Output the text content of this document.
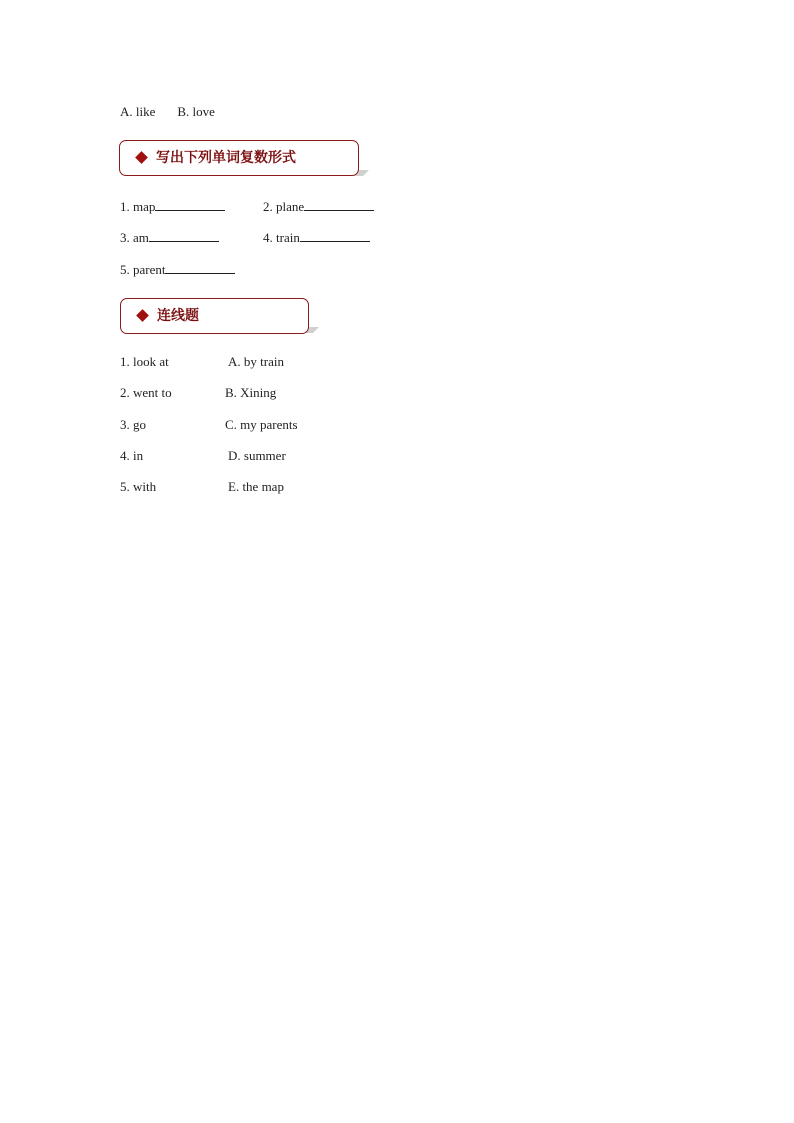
A. like B. love
写出下列单词复数形式
1. map	2. plane
3. am	4. train
5. parent
连线题
1. look at	A. by train
2. went to	B. Xining
3. go	C. my parents
4. in	D. summer
5. with	E. the map
